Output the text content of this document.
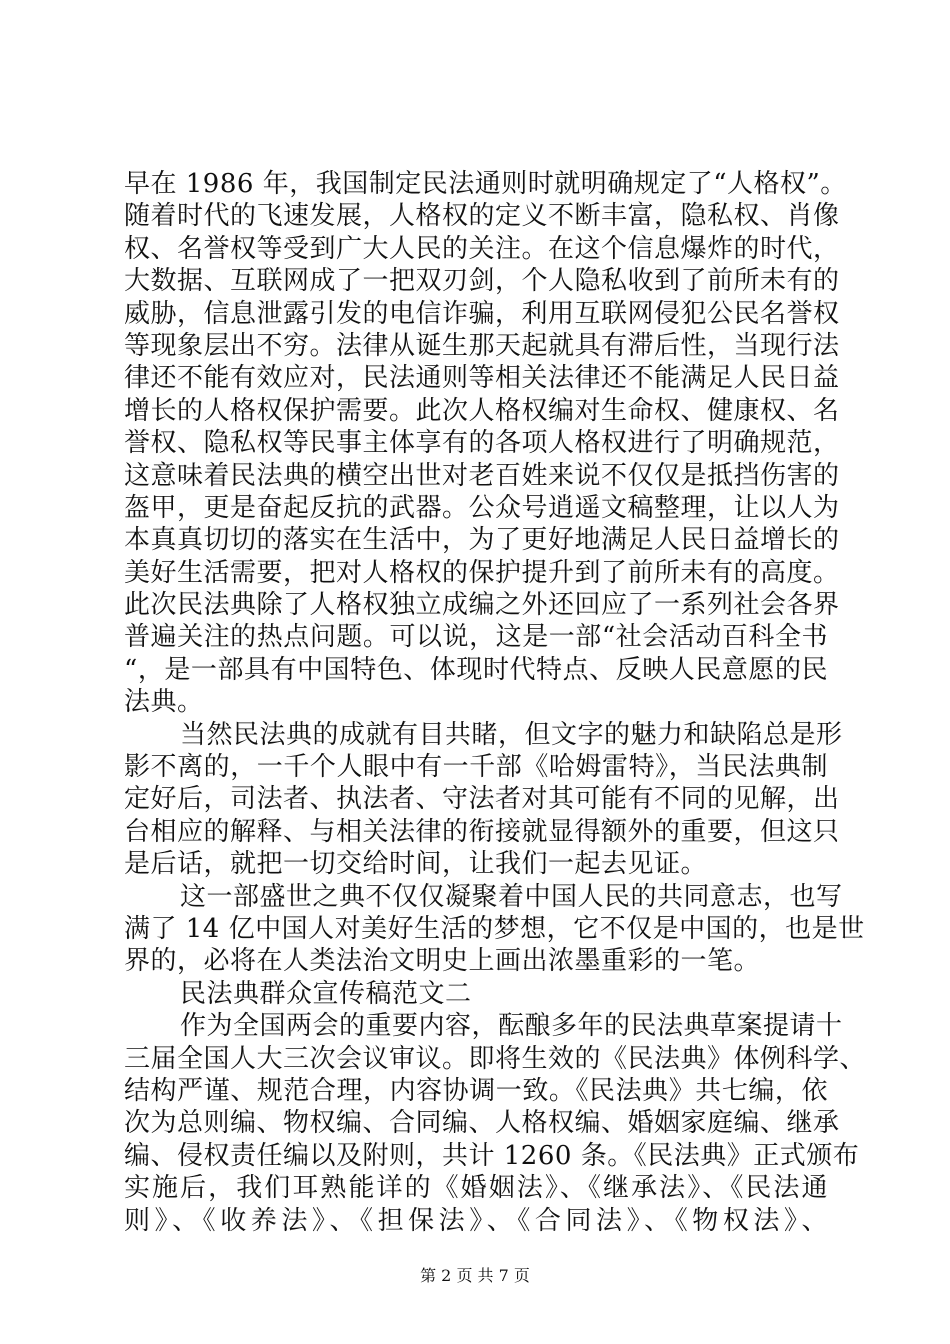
早在 1986 年，我国制定民法通则时就明确规定了“人格权”。
随着时代的飞速发展，人格权的定义不断丰富，隐私权、肖像
权、名誉权等受到广大人民的关注。在这个信息爆炸的时代，
大数据、互联网成了一把双刃剑，个人隐私收到了前所未有的
威胁，信息泄露引发的电信诈骗，利用互联网侵犯公民名誉权
等现象层出不穷。法律从诞生那天起就具有滞后性，当现行法
律还不能有效应对，民法通则等相关法律还不能满足人民日益
增长的人格权保护需要。此次人格权编对生命权、健康权、名
誉权、隐私权等民事主体享有的各项人格权进行了明确规范，
这意味着民法典的横空出世对老百姓来说不仅仅是抵挡伤害的
盔甲，更是奋起反抗的武器。公众号逍遥文稿整理，让以人为
本真真切切的落实在生活中，为了更好地满足人民日益增长的
美好生活需要，把对人格权的保护提升到了前所未有的高度。
此次民法典除了人格权独立成编之外还回应了一系列社会各界
普遍关注的热点问题。可以说，这是一部“社会活动百科全书
“，是一部具有中国特色、体现时代特点、反映人民意愿的民
法典。
当然民法典的成就有目共睹，但文字的魅力和缺陷总是形
影不离的，一千个人眼中有一千部《哈姆雷特》，当民法典制
定好后，司法者、执法者、守法者对其可能有不同的见解，出
台相应的解释、与相关法律的衔接就显得额外的重要，但这只
是后话，就把一切交给时间，让我们一起去见证。
这一部盛世之典不仅仅凝聚着中国人民的共同意志，也写
满了 14 亿中国人对美好生活的梦想，它不仅是中国的，也是世
界的，必将在人类法治文明史上画出浓墨重彩的一笔。
民法典群众宣传稿范文二
作为全国两会的重要内容，酝酿多年的民法典草案提请十
三届全国人大三次会议审议。即将生效的《民法典》体例科学、
结构严谨、规范合理，内容协调一致。《民法典》共七编，依
次为总则编、物权编、合同编、人格权编、婚姻家庭编、继承
编、侵权责任编以及附则，共计 1260 条。《民法典》正式颁布
实施后，我们耳熟能详的《婚姻法》、《继承法》、《民法通
则》、《收养法》、《担保法》、《合同法》、《物权法》、
第 2 页 共 7 页
